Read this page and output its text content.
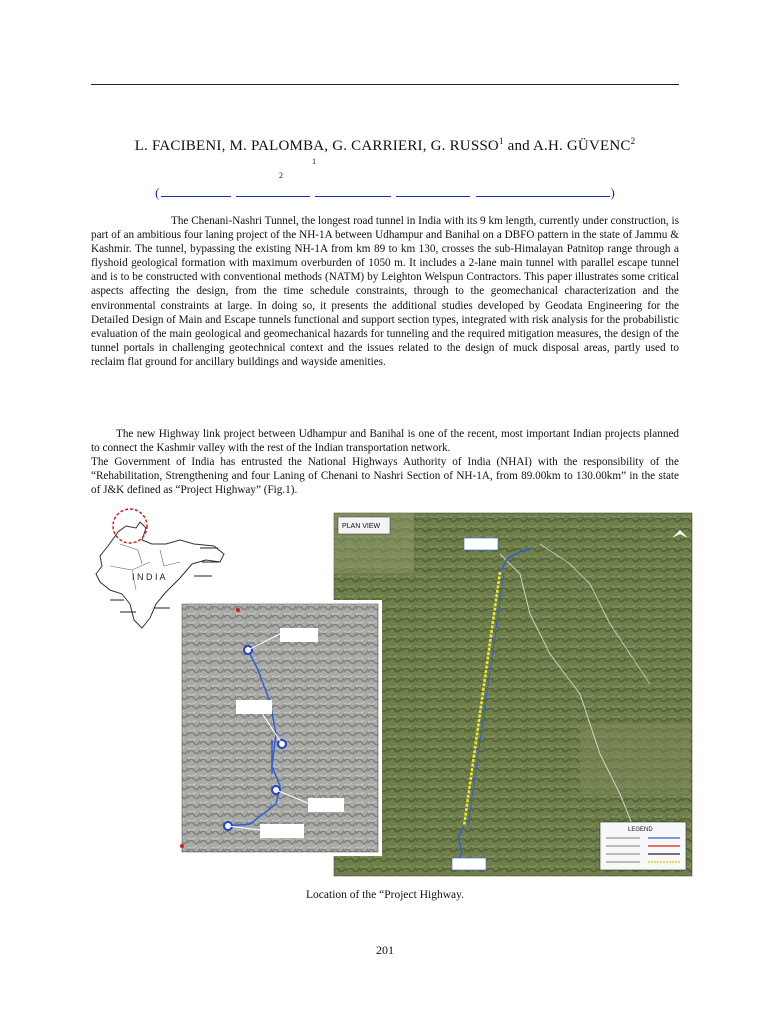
L. FACIBENI, M. PALOMBA, G. CARRIERI, G. RUSSO$^1$ and A.H. GÜVENC$^2$
1
2
(	)

The Chenani-Nashri Tunnel, the longest road tunnel in India with its 9 km length, currently under construction, is part of an ambitious four laning project of the NH-1A between Udhampur and Banihal on a DBFO pattern in the state of Jammu & Kashmir. The tunnel, bypassing the existing NH-1A from km 89 to km 130, crosses the sub-Himalayan Patnitop range through a flyshoid geological formation with maximum overburden of 1050 m. It includes a 2-lane main tunnel with parallel escape tunnel and is to be constructed with conventional methods (NATM) by Leighton Welspun Contractors. This paper illustrates some critical aspects affecting the design, from the time schedule constraints, through to the geomechanical characterization and the environmental constraints at large. In doing so, it presents the additional studies developed by Geodata Engineering for the Detailed Design of Main and Escape tunnels functional and support section types, integrated with risk analysis for the probabilistic evaluation of the main geological and geomechanical hazards for tunneling and the required mitigation measures, the design of the tunnel portals in challenging geotechnical context and the issues related to the design of muck disposal areas, partly used to reclaim flat ground for ancillary buildings and wayside amenities.

The new Highway link project between Udhampur and Banihal is one of the recent, most important Indian projects planned to connect the Kashmir valley with the rest of the Indian transportation network.

The Government of India has entrusted the National Highways Authority of India (NHAI) with the responsibility of the “Rehabilitation, Strengthening and four Laning of Chenani to Nashri Section of NH-1A, from 89.00km to 130.00km” in the state of J&K defined as “Project Highway” (Fig.1).

I N D I A
PLAN VIEW
LEGEND
Location of the “Project Highway.
201
